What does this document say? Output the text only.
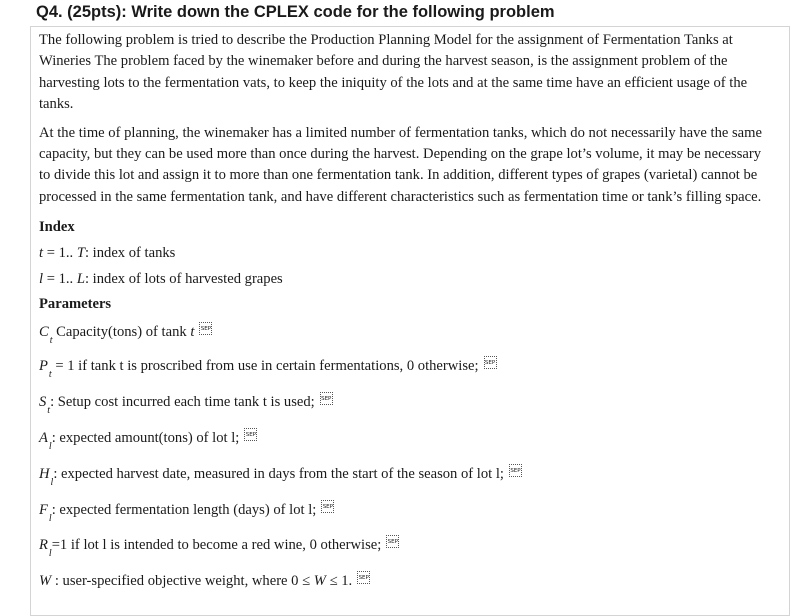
Q4. (25pts): Write down the CPLEX code for the following problem

The following problem is tried to describe the Production Planning Model for the assignment of Fermentation Tanks at Wineries The problem faced by the winemaker before and during the harvest season, is the assignment problem of the harvesting lots to the fermentation vats, to keep the iniquity of the lots and at the same time have an efficient usage of the tanks.

At the time of planning, the winemaker has a limited number of fermentation tanks, which do not necessarily have the same capacity, but they can be used more than once during the harvest. Depending on the grape lot’s volume, it may be necessary to divide this lot and assign it to more than one fermentation tank. In addition, different types of grapes (varietal) cannot be processed in the same fermentation tank, and have different characteristics such as fermentation time or tank’s filling space.

Index
t = 1.. T: index of tanks
l = 1.. L: index of lots of harvested grapes
Parameters
$C_t$ Capacity(tons) of tank t SEP
$P_t = 1$ if tank t is proscribed from use in certain fermentations, 0 otherwise; SEP
$S_t$: Setup cost incurred each time tank t is used; SEP
$A_l$: expected amount(tons) of lot l; SEP
$H_l$: expected harvest date, measured in days from the start of the season of lot l; SEP
$F_l$: expected fermentation length (days) of lot l; SEP
$R_l=1$ if lot l is intended to become a red wine, 0 otherwise; SEP
W : user-specified objective weight, where 0 ≤ W ≤ 1. SEP
